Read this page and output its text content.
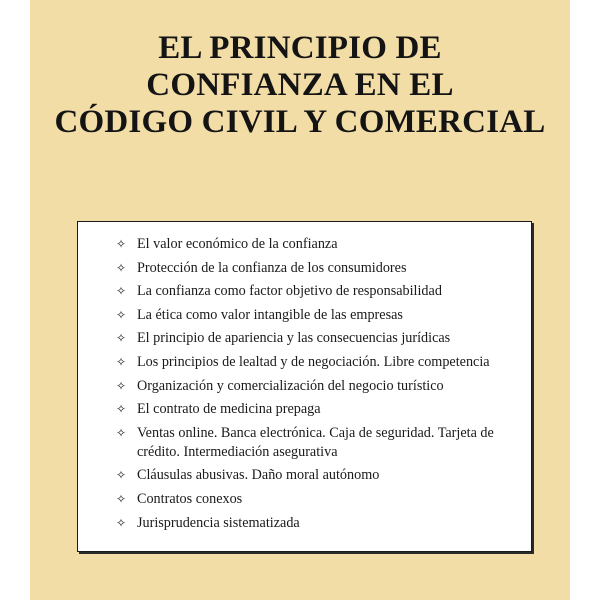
EL PRINCIPIO DE
CONFIANZA EN EL
CÓDIGO CIVIL Y COMERCIAL
✧ El valor económico de la confianza
✧ Protección de la confianza de los consumidores
✧ La confianza como factor objetivo de responsabilidad
✧ La ética como valor intangible de las empresas
✧ El principio de apariencia y las consecuencias jurídicas
✧ Los principios de lealtad y de negociación. Libre competencia
✧ Organización y comercialización del negocio turístico
✧ El contrato de medicina prepaga
✧ Ventas online. Banca electrónica. Caja de seguridad. Tarjeta de crédito. Intermediación asegurativa
✧ Cláusulas abusivas. Daño moral autónomo
✧ Contratos conexos
✧ Jurisprudencia sistematizada
